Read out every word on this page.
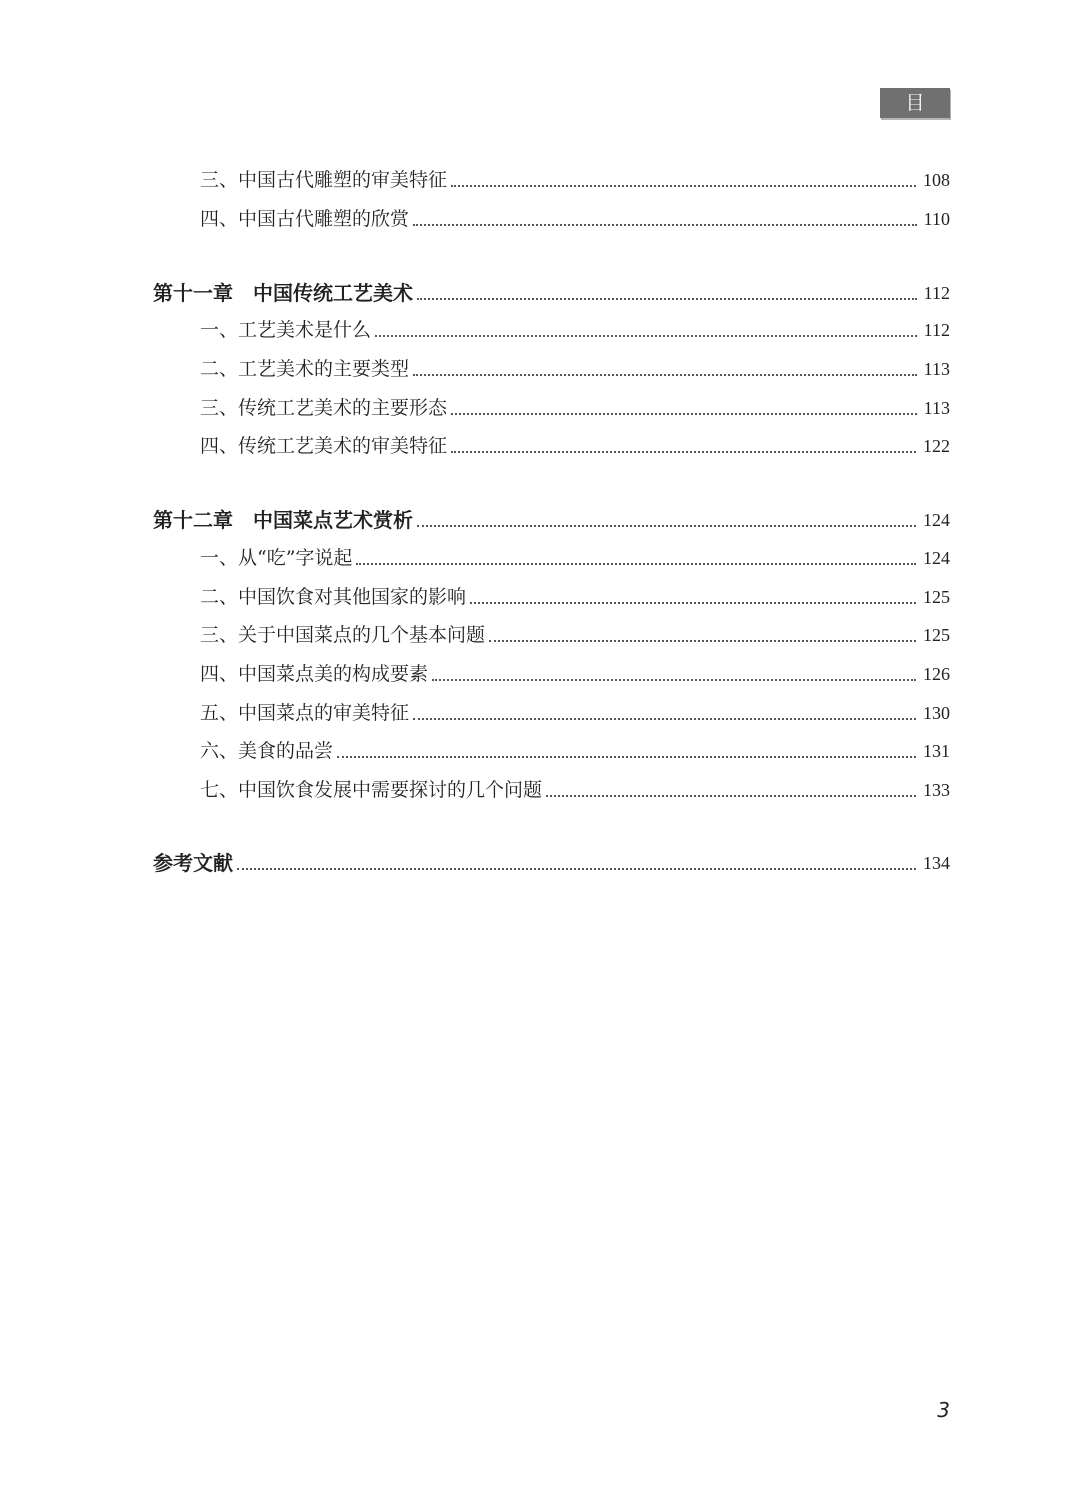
目 录
三、中国古代雕塑的审美特征	108
四、中国古代雕塑的欣赏	110
第十一章　中国传统工艺美术	112
一、工艺美术是什么	112
二、工艺美术的主要类型	113
三、传统工艺美术的主要形态	113
四、传统工艺美术的审美特征	122
第十二章　中国菜点艺术赏析	124
一、从“吃”字说起	124
二、中国饮食对其他国家的影响	125
三、关于中国菜点的几个基本问题	125
四、中国菜点美的构成要素	126
五、中国菜点的审美特征	130
六、美食的品尝	131
七、中国饮食发展中需要探讨的几个问题	133
参考文献	134
3
